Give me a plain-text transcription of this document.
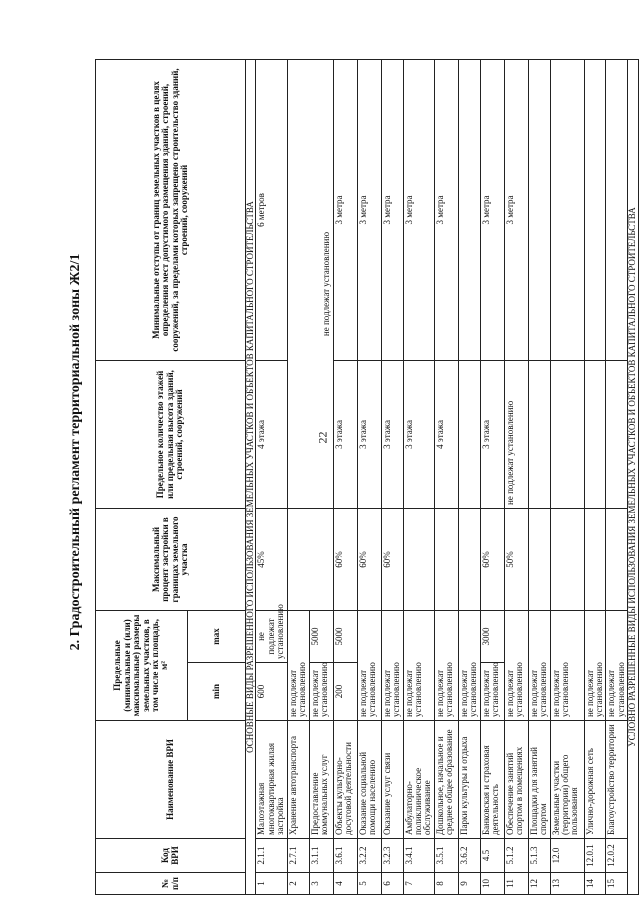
22
2. Градостроительный регламент территориальной зоны Ж2/1
№ п/п	Код ВРИ	Наименование ВРИ	Предельные (минимальные и (или) максимальные) размеры земельных участков, в том числе их площадь, м²		Максимальный процент застройки в границах земельного участка	Предельное количество этажей или предельная высота зданий, строений, сооружений	Минимальные отступы от границ земельных участков в целях определения мест допустимого размещения зданий, строений, сооружений, за пределами которых запрещено строительство зданий, строений, сооружений
			min	max			
ОСНОВНЫЕ ВИДЫ РАЗРЕШЕННОГО ИСПОЛЬЗОВАНИЯ ЗЕМЕЛЬНЫХ УЧАСТКОВ И ОБЪЕКТОВ КАПИТАЛЬНОГО СТРОИТЕЛЬСТВА							
1	2.1.1	Малоэтажная многоквартирная жилая застройка	600	не подлежат установлению	45%	4 этажа	6 метров
2	2.7.1	Хранение автотранспорта	не подлежат установлению			не подлежат установлению	
3	3.1.1	Предоставление коммунальных услуг	не подлежат установлению	5000			
4	3.6.1	Объекты культурно-досуговой деятельности	200	5000	60%	3 этажа	3 метра
5	3.2.2	Оказание социальной помощи населению	не подлежат установлению		60%	3 этажа	3 метра
6	3.2.3	Оказание услуг связи	не подлежат установлению		60%	3 этажа	3 метра
7	3.4.1	Амбулаторно-поликлиническое обслуживание	не подлежат установлению			3 этажа	3 метра
8	3.5.1	Дошкольное, начальное и среднее общее образование	не подлежат установлению			4 этажа	3 метра
9	3.6.2	Парки культуры и отдыха	не подлежат установлению				
10	4.5	Банковская и страховая деятельность	не подлежат установлению	3000	60%	3 этажа	3 метра
11	5.1.2	Обеспечение занятий спортом в помещениях	не подлежат установлению		50%	не подлежат установлению	3 метра
12	5.1.3	Площадки для занятий спортом	не подлежат установлению				
13	12.0	Земельные участки (территории) общего пользования	не подлежат установлению				
14	12.0.1	Улично-дорожная сеть	не подлежат установлению				
15	12.0.2	Благоустройство территории	не подлежат установлению				
УСЛОВНО РАЗРЕШЕННЫЕ ВИДЫ ИСПОЛЬЗОВАНИЯ ЗЕМЕЛЬНЫХ УЧАСТКОВ И ОБЪЕКТОВ КАПИТАЛЬНОГО СТРОИТЕЛЬСТВА							
